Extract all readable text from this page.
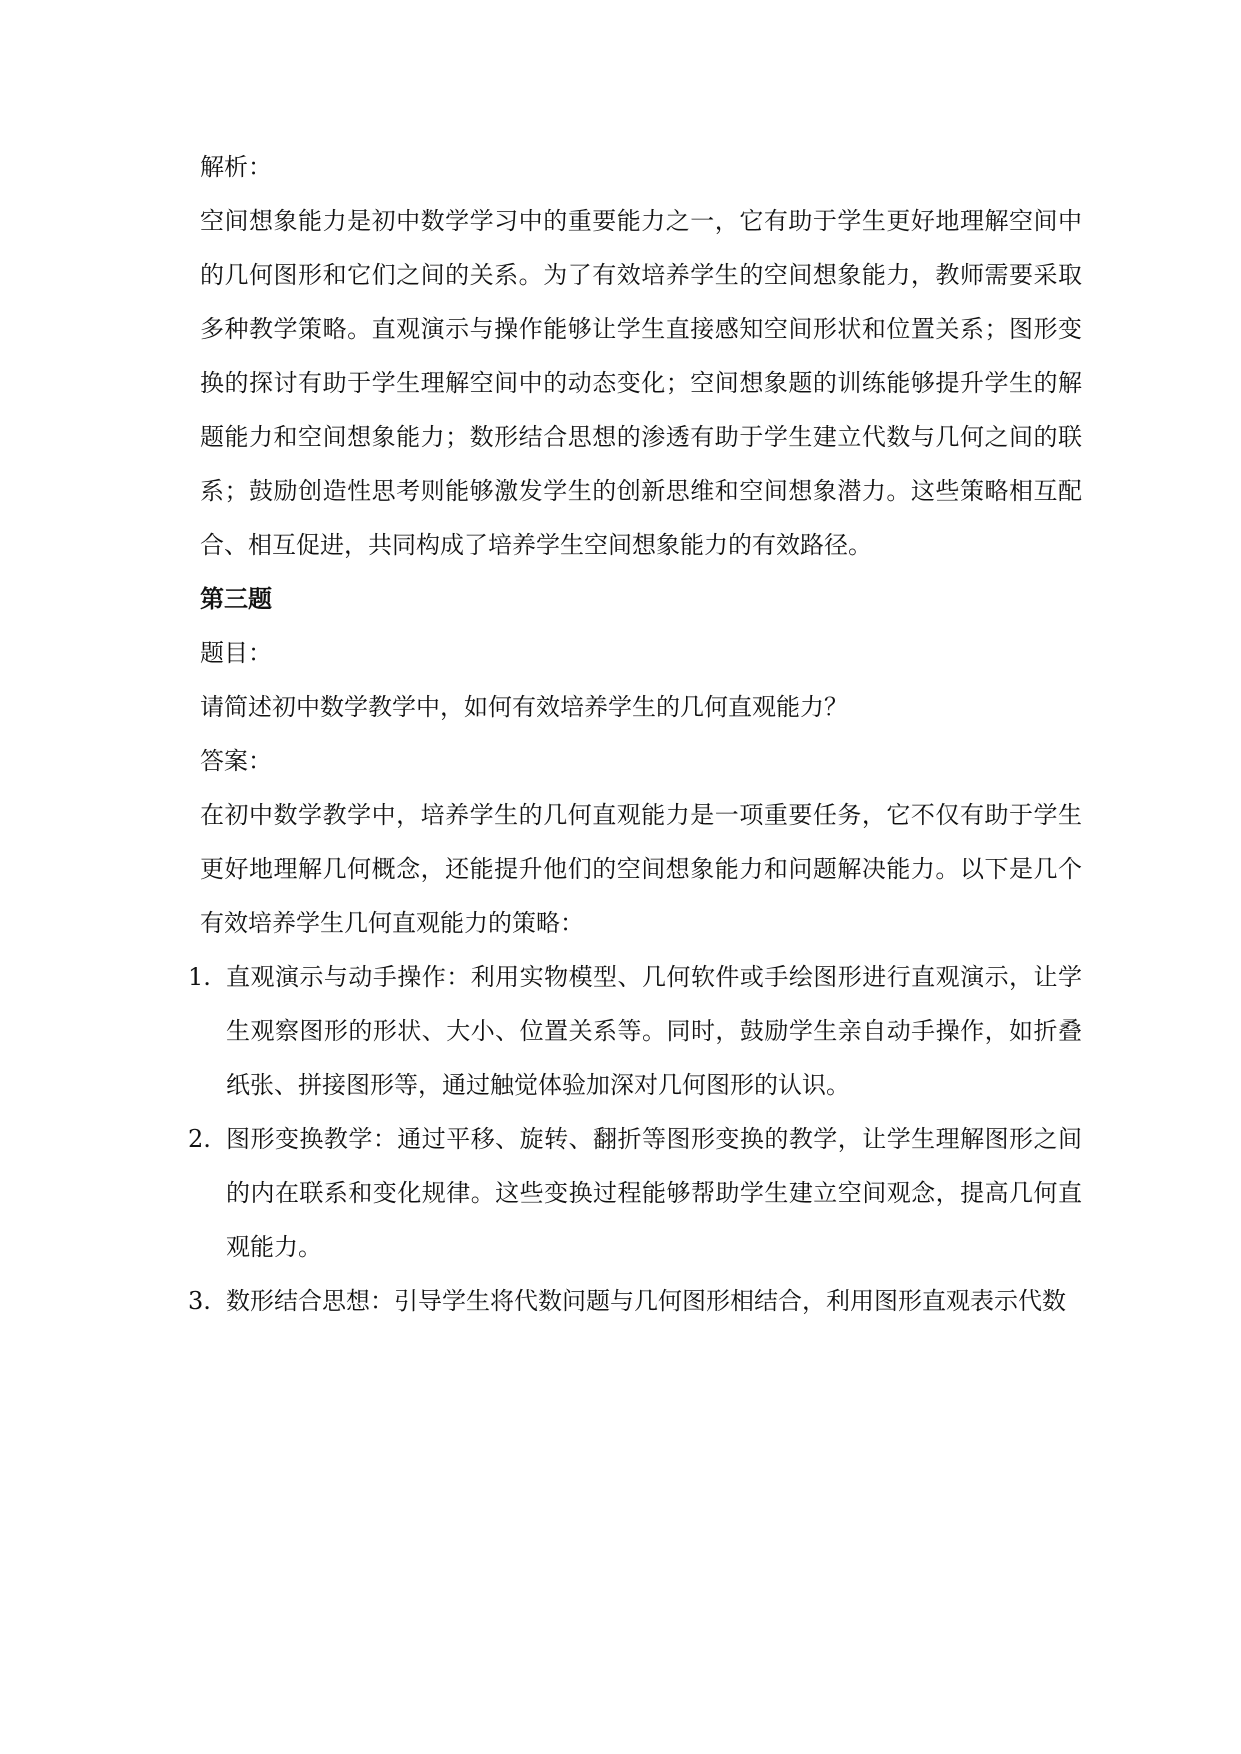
解析：

空间想象能力是初中数学学习中的重要能力之一，它有助于学生更好地理解空间中的几何图形和它们之间的关系。为了有效培养学生的空间想象能力，教师需要采取多种教学策略。直观演示与操作能够让学生直接感知空间形状和位置关系；图形变换的探讨有助于学生理解空间中的动态变化；空间想象题的训练能够提升学生的解题能力和空间想象能力；数形结合思想的渗透有助于学生建立代数与几何之间的联系；鼓励创造性思考则能够激发学生的创新思维和空间想象潜力。这些策略相互配合、相互促进，共同构成了培养学生空间想象能力的有效路径。

第三题

题目：

请简述初中数学教学中，如何有效培养学生的几何直观能力？

答案：

在初中数学教学中，培养学生的几何直观能力是一项重要任务，它不仅有助于学生更好地理解几何概念，还能提升他们的空间想象能力和问题解决能力。以下是几个有效培养学生几何直观能力的策略：

1. 直观演示与动手操作：利用实物模型、几何软件或手绘图形进行直观演示，让学生观察图形的形状、大小、位置关系等。同时，鼓励学生亲自动手操作，如折叠纸张、拼接图形等，通过触觉体验加深对几何图形的认识。
2. 图形变换教学：通过平移、旋转、翻折等图形变换的教学，让学生理解图形之间的内在联系和变化规律。这些变换过程能够帮助学生建立空间观念，提高几何直观能力。
3. 数形结合思想：引导学生将代数问题与几何图形相结合，利用图形直观表示代数
